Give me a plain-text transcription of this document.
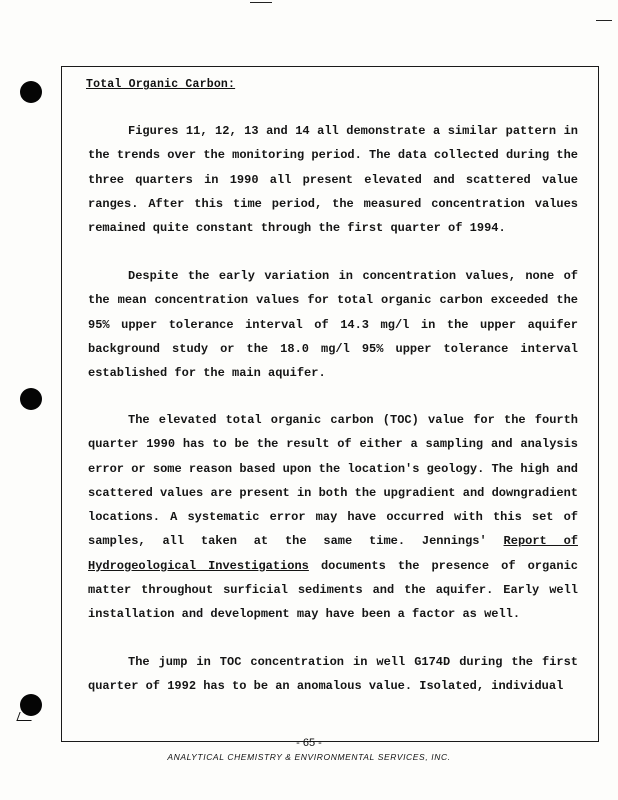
Total Organic Carbon:
Figures 11, 12, 13 and 14 all demonstrate a similar pattern in the trends over the monitoring period. The data collected during the three quarters in 1990 all present elevated and scattered value ranges. After this time period, the measured concentration values remained quite constant through the first quarter of 1994.
Despite the early variation in concentration values, none of the mean concentration values for total organic carbon exceeded the 95% upper tolerance interval of 14.3 mg/l in the upper aquifer background study or the 18.0 mg/l 95% upper tolerance interval established for the main aquifer.
The elevated total organic carbon (TOC) value for the fourth quarter 1990 has to be the result of either a sampling and analysis error or some reason based upon the location's geology. The high and scattered values are present in both the upgradient and downgradient locations. A systematic error may have occurred with this set of samples, all taken at the same time. Jennings' Report of Hydrogeological Investigations documents the presence of organic matter throughout surficial sediments and the aquifer. Early well installation and development may have been a factor as well.
The jump in TOC concentration in well G174D during the first quarter of 1992 has to be an anomalous value. Isolated, individual
- 65 -
ANALYTICAL CHEMISTRY & ENVIRONMENTAL SERVICES, INC.
